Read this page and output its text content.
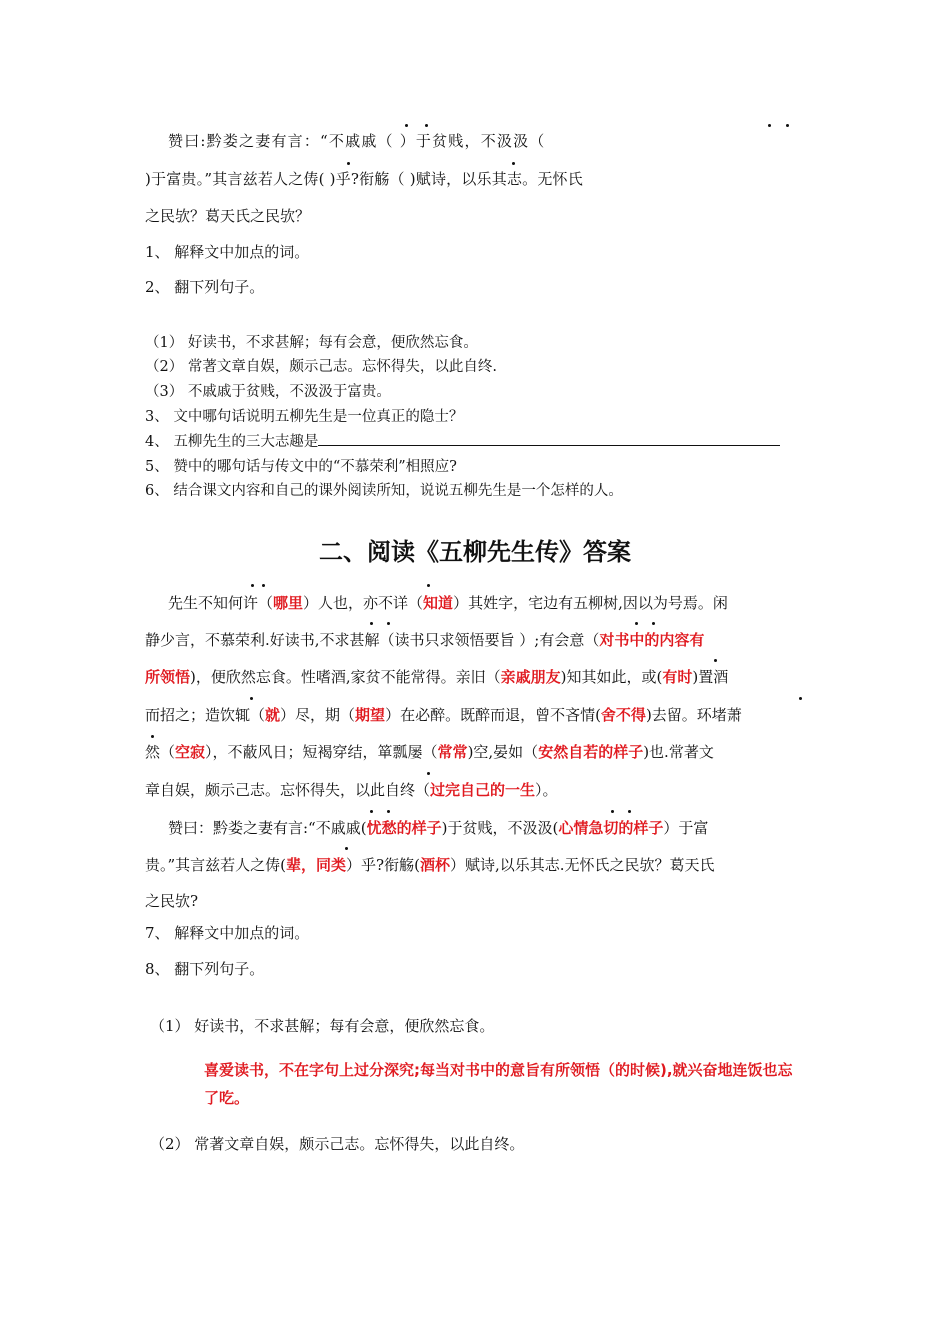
赞曰:黔娄之妻有言：“不戚戚（ ）于贫贱，不汲汲（
)于富贵。”其言兹若人之俦( )乎?衔觞（ )赋诗，以乐其志。无怀氏
之民欤？葛天氏之民欤？
1、 解释文中加点的词。
2、 翻下列句子。
（1） 好读书，不求甚解；每有会意，便欣然忘食。
（2） 常著文章自娱，颇示己志。忘怀得失，以此自终.
（3） 不戚戚于贫贱，不汲汲于富贵。
3、 文中哪句话说明五柳先生是一位真正的隐士？
4、 五柳先生的三大志趣是
5、 赞中的哪句话与传文中的“不慕荣利”相照应?
6、 结合课文内容和自己的课外阅读所知，说说五柳先生是一个怎样的人。
二、阅读《五柳先生传》答案
先生不知何许（哪里）人也，亦不详（知道）其姓字，宅边有五柳树,因以为号焉。闲
静少言，不慕荣利.好读书,不求甚解（读书只求领悟要旨 ）;有会意（对书中的内容有
所领悟)，便欣然忘食。性嗜酒,家贫不能常得。亲旧（亲戚朋友)知其如此，或(有时)置酒
而招之；造饮辄（就）尽，期（期望）在必醉。既醉而退，曾不吝情(舍不得)去留。环堵萧
然（空寂），不蔽风日；短褐穿结，箪瓢屡（常常)空,晏如（安然自若的样子)也.常著文
章自娱，颇示己志。忘怀得失，以此自终（过完自己的一生）。
赞曰：黔娄之妻有言:“不戚戚(忧愁的样子)于贫贱，不汲汲(心情急切的样子）于富
贵。”其言兹若人之俦(辈，同类）乎?衔觞(酒杯）赋诗,以乐其志.无怀氏之民欤？葛天氏
之民欤?
7、 解释文中加点的词。
8、 翻下列句子。
（1） 好读书，不求甚解；每有会意，便欣然忘食。
喜爱读书，不在字句上过分深究;每当对书中的意旨有所领悟（的时候),就兴奋地连饭也忘了吃。
（2） 常著文章自娱，颇示己志。忘怀得失，以此自终。
